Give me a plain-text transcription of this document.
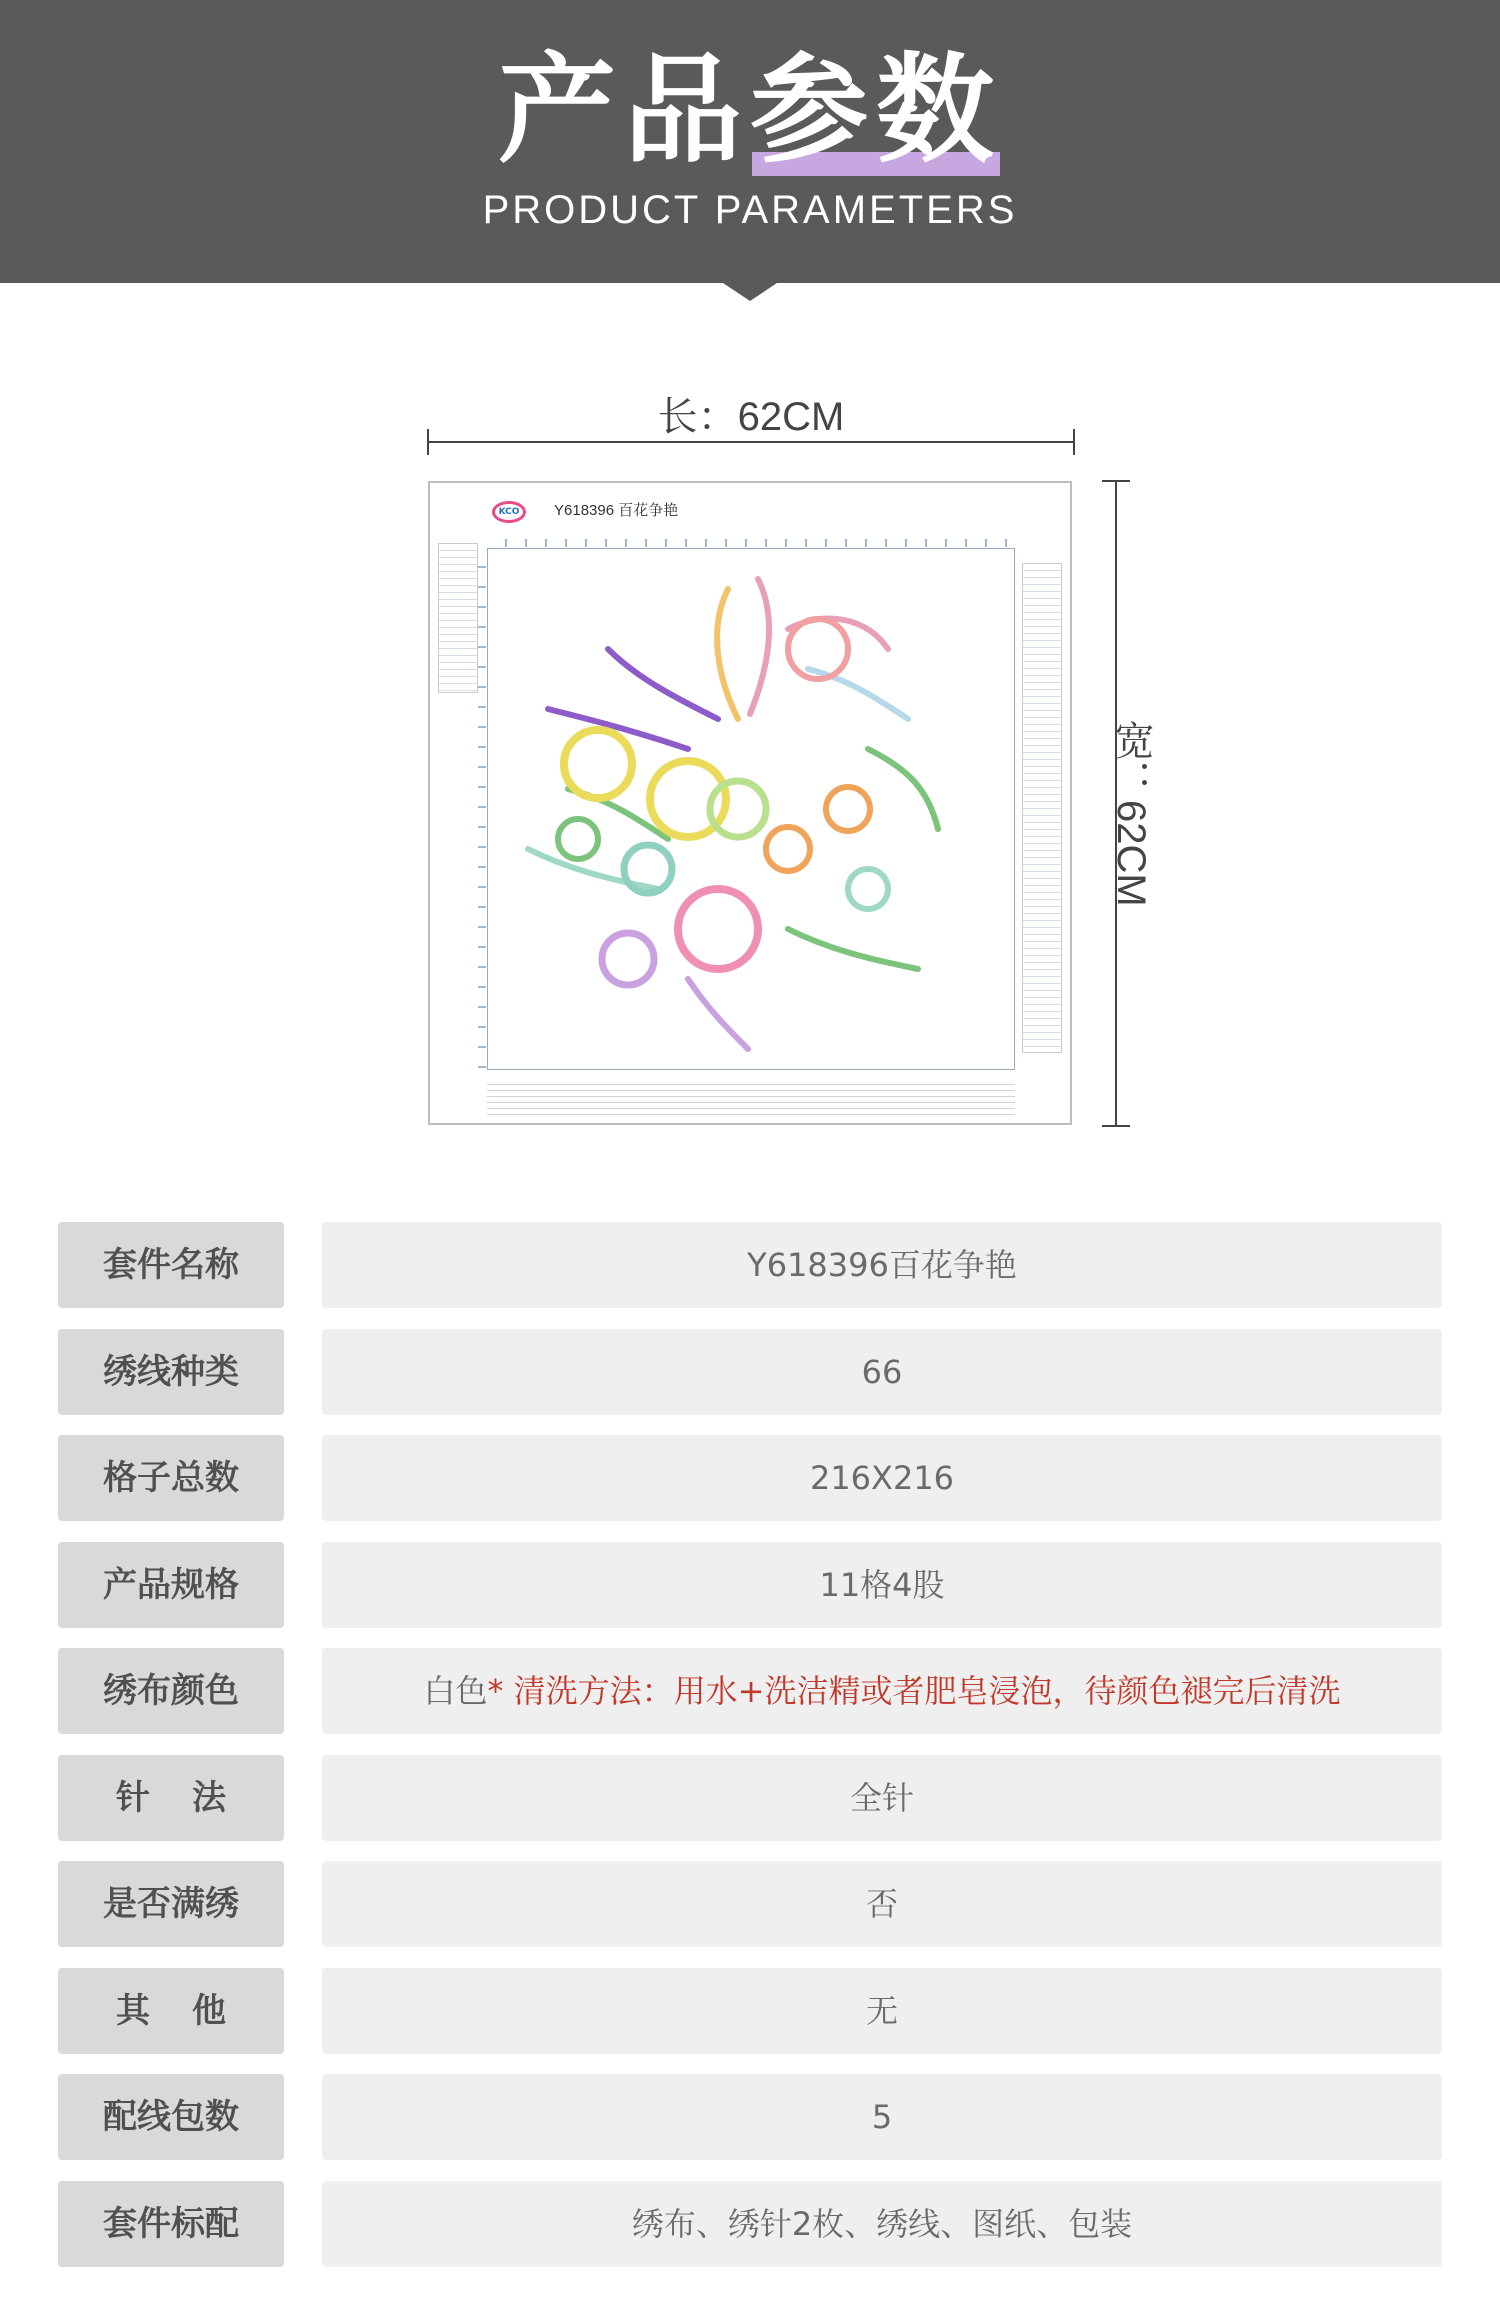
产品参数
PRODUCT PARAMETERS
长：62CM
宽：62CM
KCO	Y618396 百花争艳
套件名称	Y618396百花争艳
绣线种类	66
格子总数	216X216
产品规格	11格4股
绣布颜色	白色* 清洗方法：用水+洗洁精或者肥皂浸泡，待颜色褪完后清洗
针法	全针
是否满绣	否
其他	无
配线包数	5
套件标配	绣布、绣针2枚、绣线、图纸、包装
